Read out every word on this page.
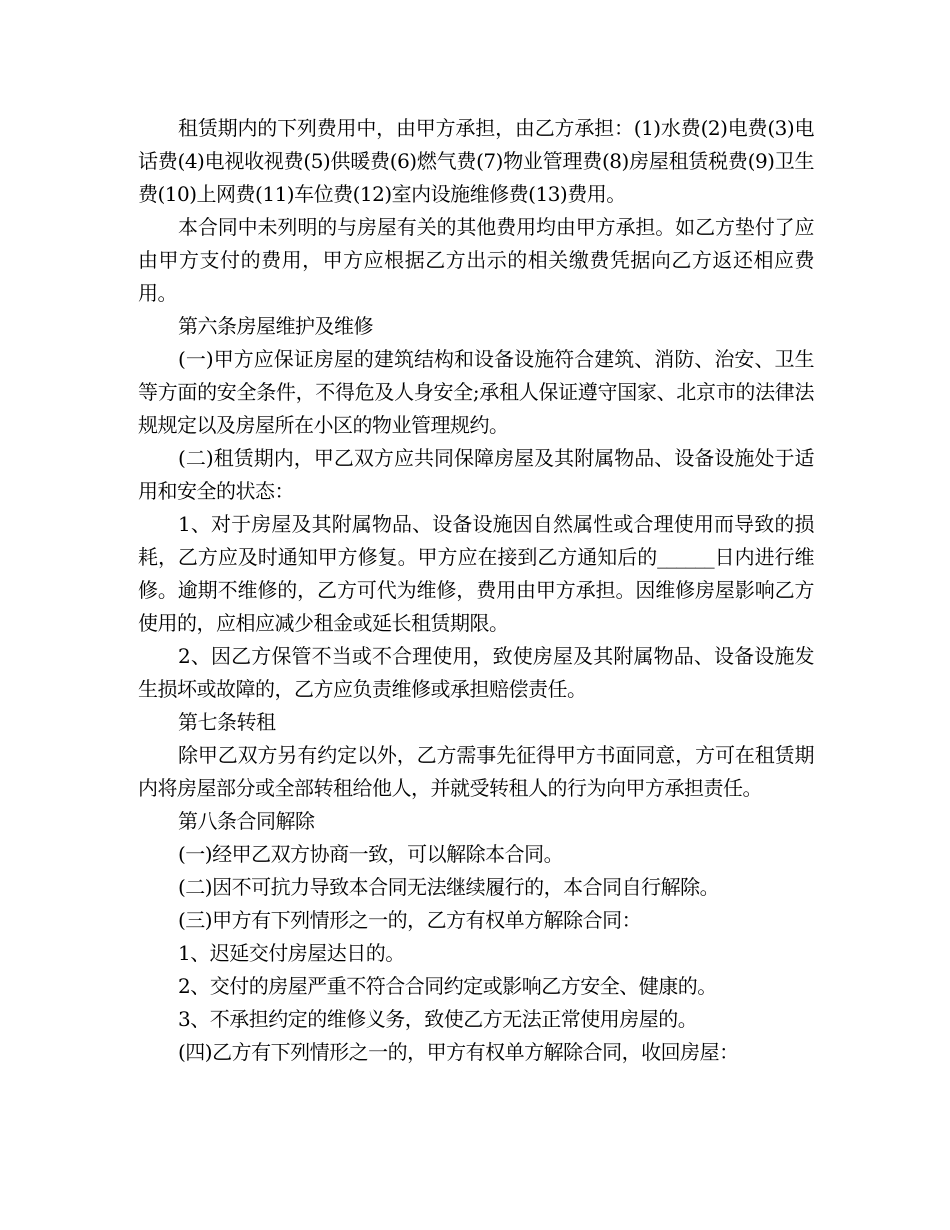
租赁期内的下列费用中，由甲方承担，由乙方承担：(1)水费(2)电费(3)电话费(4)电视收视费(5)供暖费(6)燃气费(7)物业管理费(8)房屋租赁税费(9)卫生费(10)上网费(11)车位费(12)室内设施维修费(13)费用。

本合同中未列明的与房屋有关的其他费用均由甲方承担。如乙方垫付了应由甲方支付的费用，甲方应根据乙方出示的相关缴费凭据向乙方返还相应费用。

第六条房屋维护及维修

(一)甲方应保证房屋的建筑结构和设备设施符合建筑、消防、治安、卫生等方面的安全条件，不得危及人身安全;承租人保证遵守国家、北京市的法律法规规定以及房屋所在小区的物业管理规约。

(二)租赁期内，甲乙双方应共同保障房屋及其附属物品、设备设施处于适用和安全的状态：

1、对于房屋及其附属物品、设备设施因自然属性或合理使用而导致的损耗，乙方应及时通知甲方修复。甲方应在接到乙方通知后的______日内进行维修。逾期不维修的，乙方可代为维修，费用由甲方承担。因维修房屋影响乙方使用的，应相应减少租金或延长租赁期限。

2、因乙方保管不当或不合理使用，致使房屋及其附属物品、设备设施发生损坏或故障的，乙方应负责维修或承担赔偿责任。

第七条转租

除甲乙双方另有约定以外，乙方需事先征得甲方书面同意，方可在租赁期内将房屋部分或全部转租给他人，并就受转租人的行为向甲方承担责任。

第八条合同解除

(一)经甲乙双方协商一致，可以解除本合同。

(二)因不可抗力导致本合同无法继续履行的，本合同自行解除。

(三)甲方有下列情形之一的，乙方有权单方解除合同：

1、迟延交付房屋达日的。

2、交付的房屋严重不符合合同约定或影响乙方安全、健康的。

3、不承担约定的维修义务，致使乙方无法正常使用房屋的。

(四)乙方有下列情形之一的，甲方有权单方解除合同，收回房屋：
